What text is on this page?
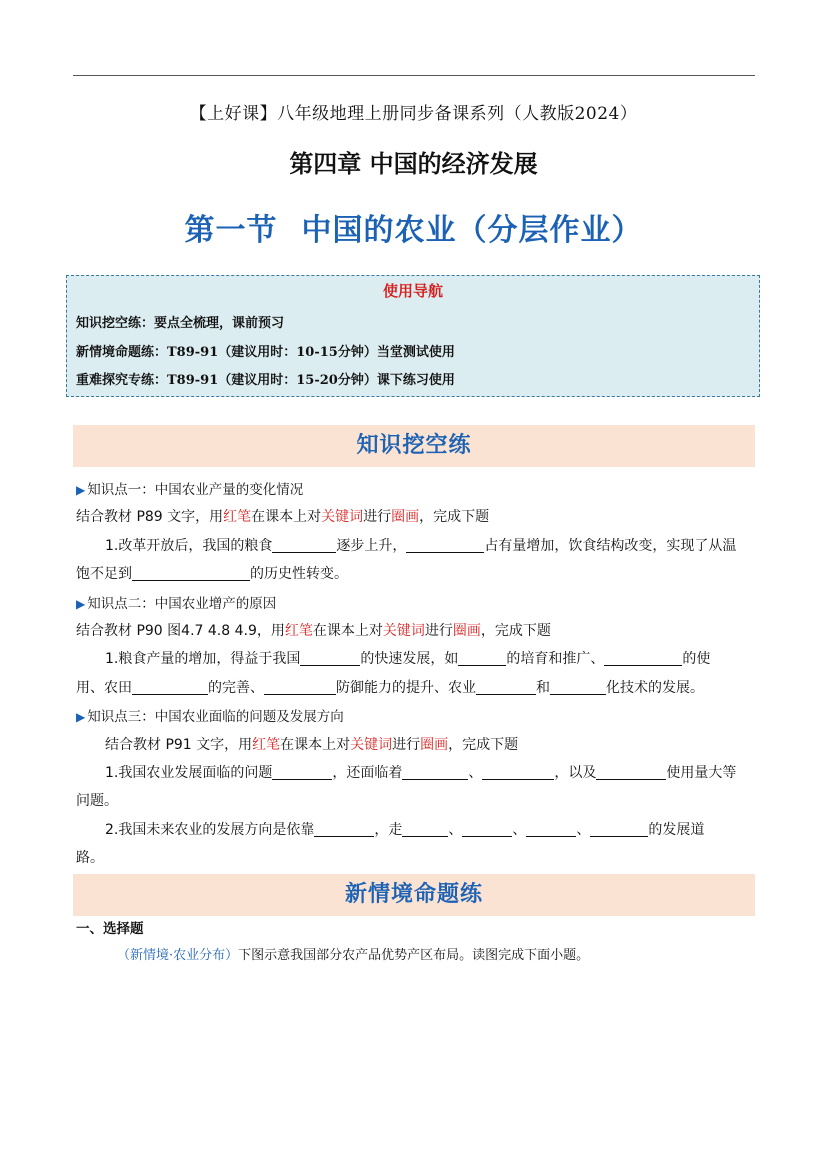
【上好课】八年级地理上册同步备课系列（人教版2024）
第四章 中国的经济发展
第一节 中国的农业（分层作业）
使用导航
知识挖空练：要点全梳理，课前预习
新情境命题练：T89-91（建议用时：10-15分钟）当堂测试使用
重难探究专练：T89-91（建议用时：15-20分钟）课下练习使用
知识挖空练
▶ 知识点一：中国农业产量的变化情况
结合教材 P89 文字，用红笔在课本上对关键词进行圈画，完成下题
1.改革开放后，我国的粮食	逐步上升，	占有量增加，饮食结构改变，实现了从温
饱不足到	的历史性转变。
▶ 知识点二：中国农业增产的原因
结合教材 P90 图4.7 4.8 4.9，用红笔在课本上对关键词进行圈画，完成下题
1.粮食产量的增加，得益于我国	的快速发展，如	的培育和推广、	的使
用、农田	的完善、	防御能力的提升、农业	和	化技术的发展。
▶ 知识点三：中国农业面临的问题及发展方向
结合教材 P91 文字，用红笔在课本上对关键词进行圈画，完成下题
1.我国农业发展面临的问题	，还面临着	、	，以及	使用量大等
问题。
2.我国未来农业的发展方向是依靠	，走	、	、	、	的发展道
路。
新情境命题练
一、选择题
（新情境·农业分布）下图示意我国部分农产品优势产区布局。读图完成下面小题。
